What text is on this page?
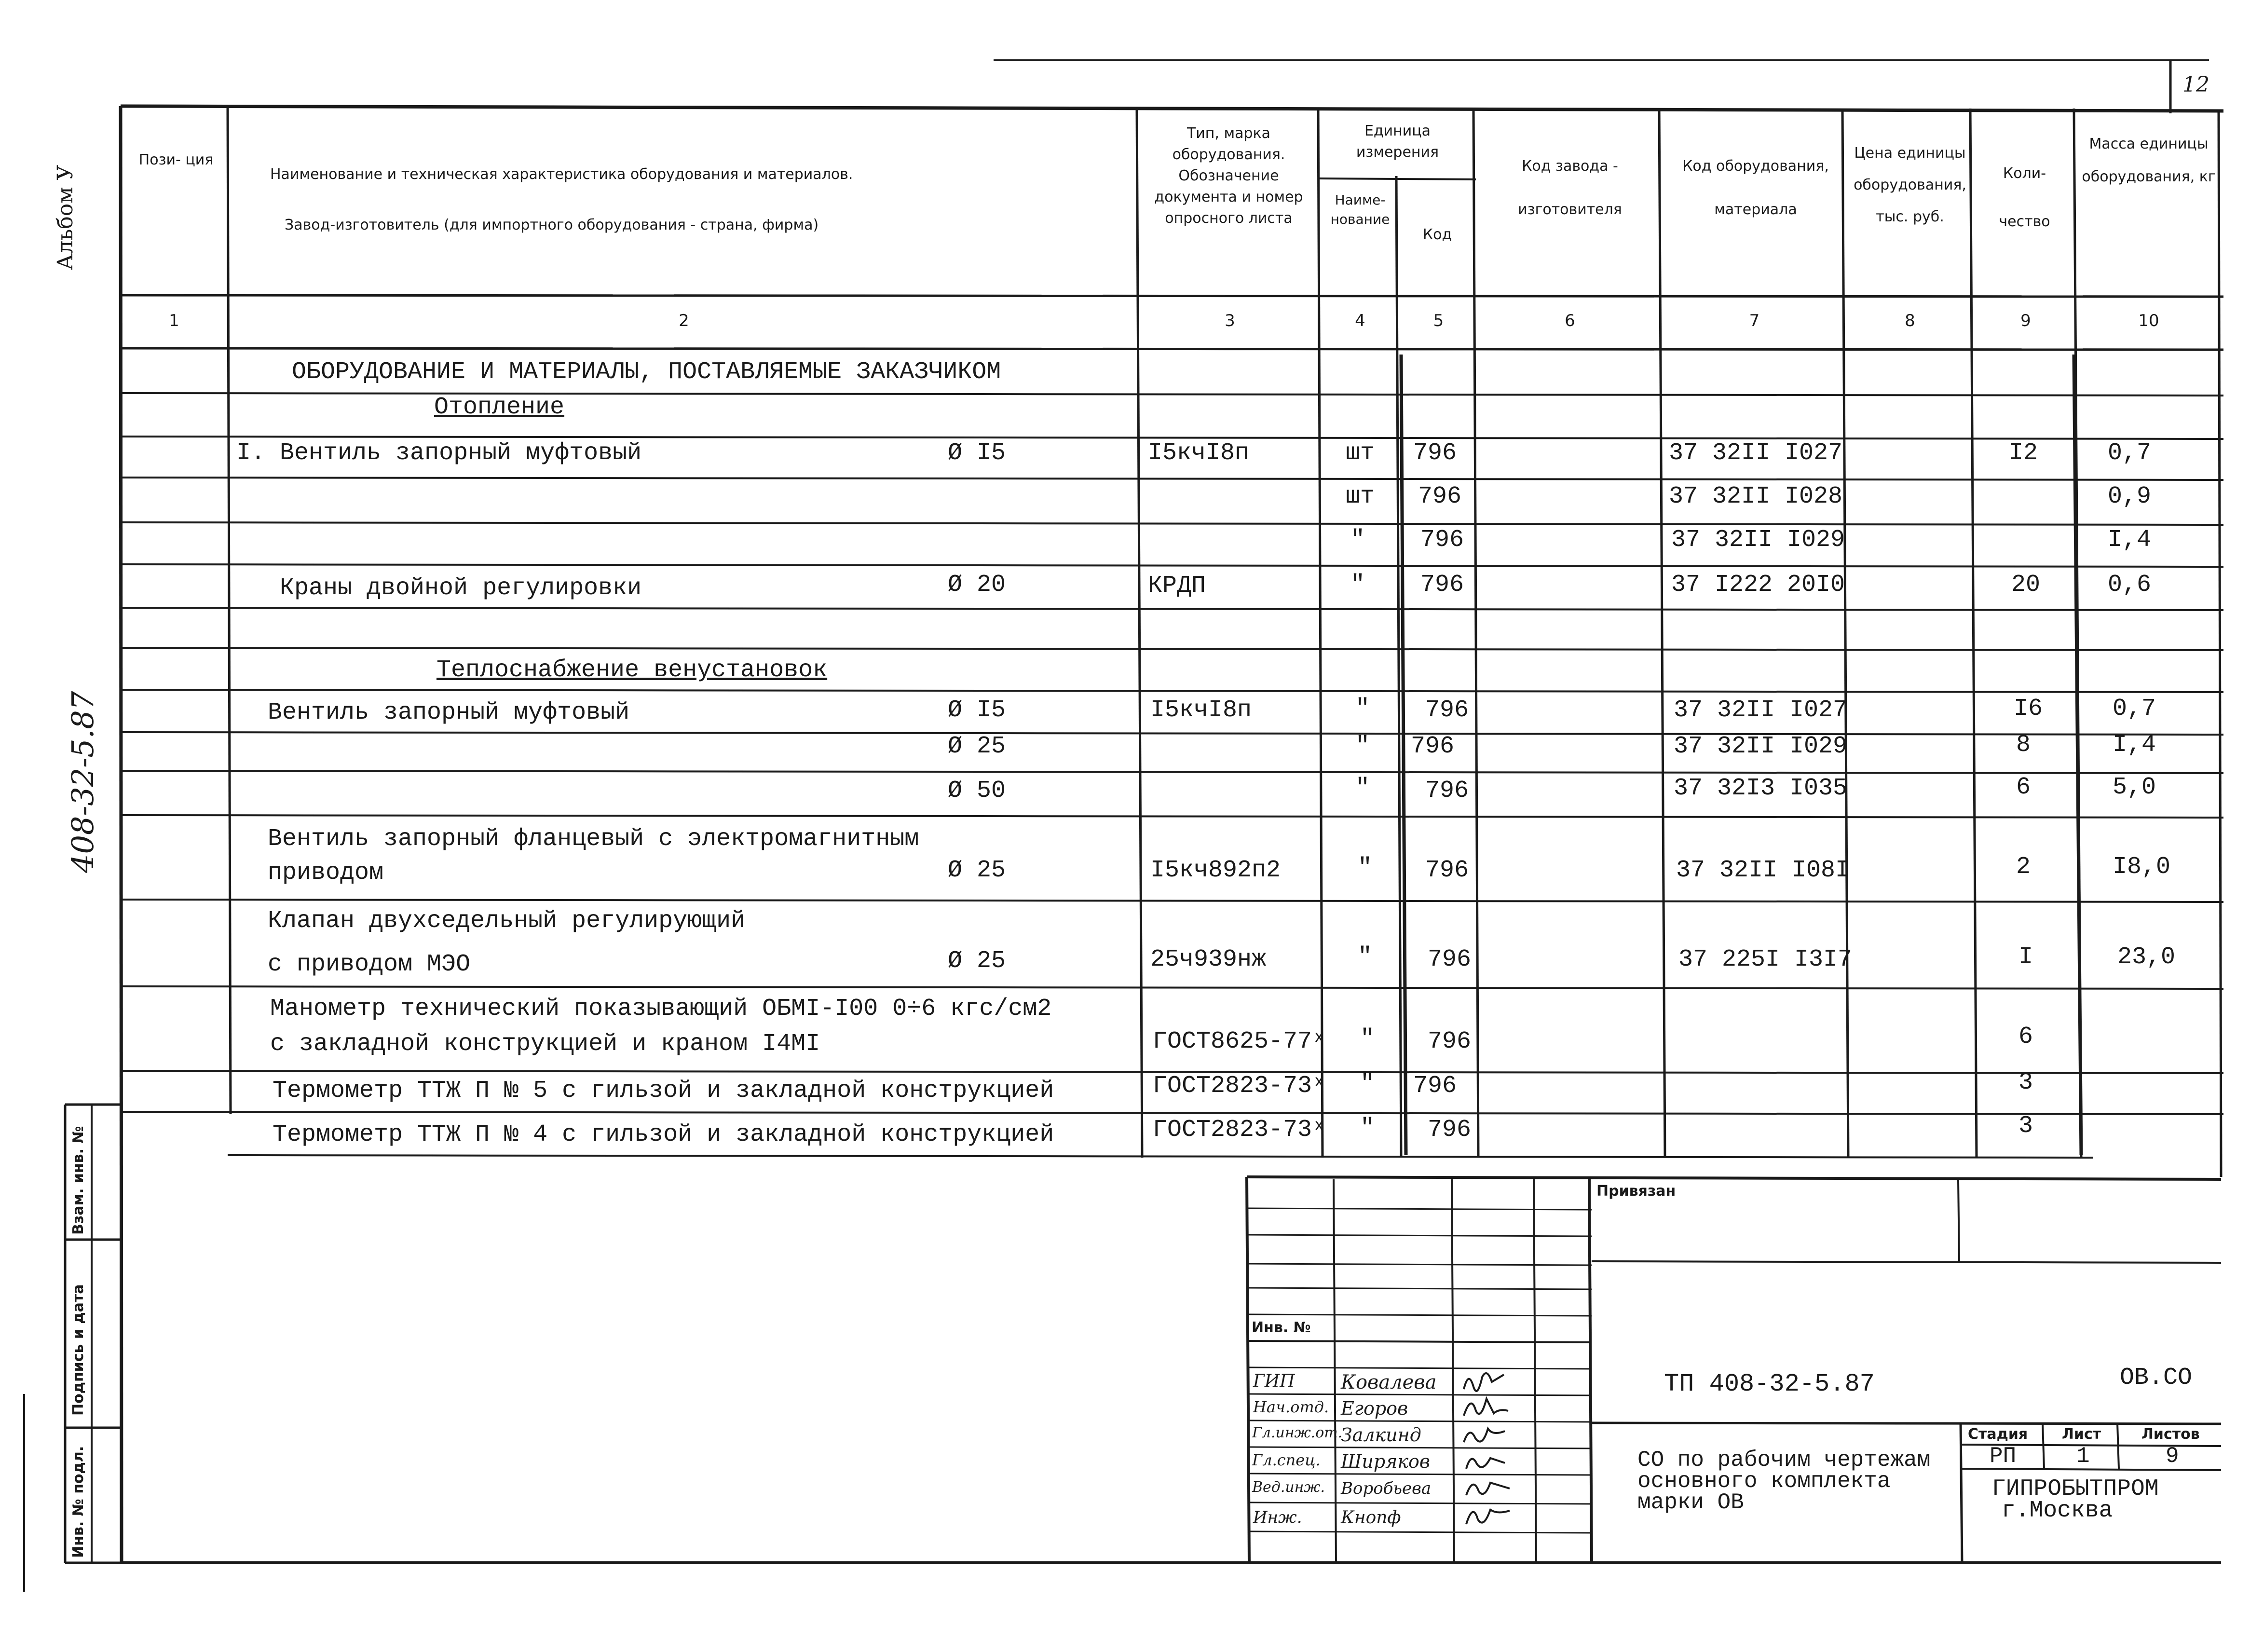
12
Альбом У
408-32-5.87
Инв. № подл.
Подпись и дата
Взам. инв. №
Пози- ция
Наименование и техническая характеристика оборудования и материалов.
Завод-изготовитель (для импортного оборудования - страна, фирма)
Тип, марка оборудования. Обозначение документа и номер опросного листа
Единица измерения
Наиме- нование
Код
Код завода - изготовителя
Код оборудования, материала
Цена единицы оборудования, тыс. руб.
Коли- чество
Масса единицы оборудования, кг
1	2	3	4	5	6	7	8	9	10
ОБОРУДОВАНИЕ И МАТЕРИАЛЫ, ПОСТАВЛЯЕМЫЕ ЗАКАЗЧИКОМ
Отопление
I. Вентиль запорный муфтовый	Ø I5	I5кчI8п	шт 796	37 32II I027	I2	0,7
шт 796	37 32II I028	0,9
" 796	37 32II I029	I,4
Краны двойной регулировки	Ø 20	КРДП	" 796	37 I222 20I0	20	0,6
Теплоснабжение венустановок
Вентиль запорный муфтовый	Ø I5	I5кчI8п	" 796	37 32II I027	I6	0,7
Ø 25	" 796	37 32II I029	8	I,4
Ø 50	" 796	37 32I3 I035	6	5,0
Вентиль запорный фланцевый с электромагнитным
приводом	Ø 25	I5кч892п2	" 796	37 32II I08I	2	I8,0
Клапан двухседельный регулирующий
с приводом МЭО	Ø 25	25ч939нж	" 796	37 225I I3I7	I	23,0
Манометр технический показывающий ОБМI-I00 0÷6 кгс/см2
с закладной конструкцией и краном I4МI	ГОСТ8625-77ˣ " 796	6
Термометр ТТЖ П № 5 с гильзой и закладной конструкцией	ГОСТ2823-73ˣ " 796	3
Термометр ТТЖ П № 4 с гильзой и закладной конструкцией	ГОСТ2823-73ˣ " 796	3
Привязан
Инв. №
ГИП Ковалева
Нач.отд. Егоров
Гл.инж.от.
Залкинд
Гл.спец. Ширяков
Вед.инж. Воробьева
Инж. Кнопф
ТП 408-32-5.87	ОВ.СО
СО по рабочим чертежам основного комплекта марки ОВ
Стадия Лист	Листов
РП	1	9
ГИПРОБЫТПРОМ
г.Москва
